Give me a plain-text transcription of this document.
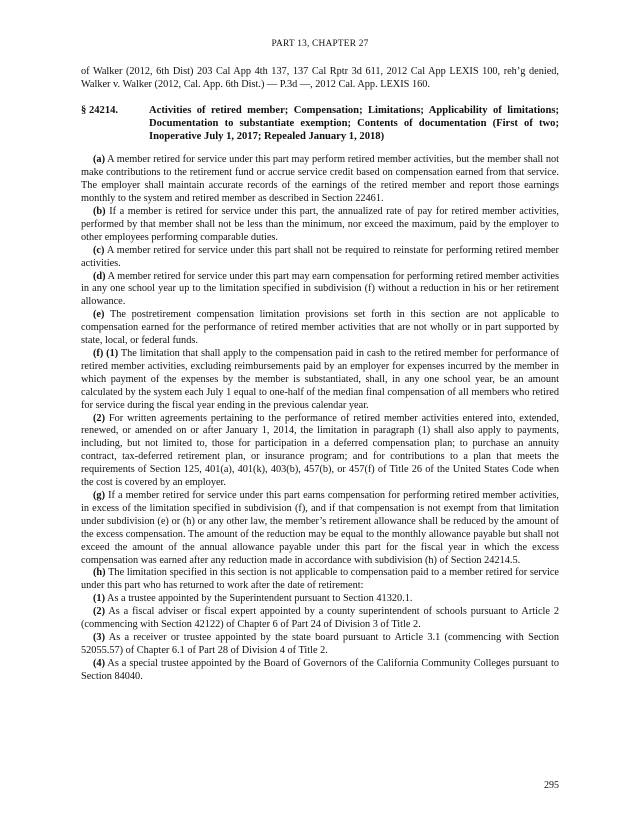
PART 13, CHAPTER 27

of Walker (2012, 6th Dist) 203 Cal App 4th 137, 137 Cal Rptr 3d 611, 2012 Cal App LEXIS 100, reh’g denied, Walker v. Walker (2012, Cal. App. 6th Dist.) — P.3d —, 2012 Cal. App. LEXIS 160.

§ 24214.	Activities of retired member; Compensation; Limitations; Applicability of limitations; Documentation to substantiate exemption; Contents of documentation (First of two; Inoperative July 1, 2017; Repealed January 1, 2018)

(a) A member retired for service under this part may perform retired member activities, but the member shall not make contributions to the retirement fund or accrue service credit based on compensation earned from that service. The employer shall maintain accurate records of the earnings of the retired member and report those earnings monthly to the system and retired member as described in Section 22461.

(b) If a member is retired for service under this part, the annualized rate of pay for retired member activities, performed by that member shall not be less than the minimum, nor exceed the maximum, paid by the employer to other employees performing comparable duties.

(c) A member retired for service under this part shall not be required to reinstate for performing retired member activities.

(d) A member retired for service under this part may earn compensation for performing retired member activities in any one school year up to the limitation specified in subdivision (f) without a reduction in his or her retirement allowance.

(e) The postretirement compensation limitation provisions set forth in this section are not applicable to compensation earned for the performance of retired member activities that are not wholly or in part supported by state, local, or federal funds.

(f) (1) The limitation that shall apply to the compensation paid in cash to the retired member for performance of retired member activities, excluding reimbursements paid by an employer for expenses incurred by the member in which payment of the expenses by the member is substantiated, shall, in any one school year, be an amount calculated by the system each July 1 equal to one-half of the median final compensation of all members who retired for service during the fiscal year ending in the previous calendar year.

(2) For written agreements pertaining to the performance of retired member activities entered into, extended, renewed, or amended on or after January 1, 2014, the limitation in paragraph (1) shall also apply to payments, including, but not limited to, those for participation in a deferred compensation plan; to purchase an annuity contract, tax-deferred retirement plan, or insurance program; and for contributions to a plan that meets the requirements of Section 125, 401(a), 401(k), 403(b), 457(b), or 457(f) of Title 26 of the United States Code when the cost is covered by an employer.

(g) If a member retired for service under this part earns compensation for performing retired member activities, in excess of the limitation specified in subdivision (f), and if that compensation is not exempt from that limitation under subdivision (e) or (h) or any other law, the member’s retirement allowance shall be reduced by the amount of the excess compensation. The amount of the reduction may be equal to the monthly allowance payable but shall not exceed the amount of the annual allowance payable under this part for the fiscal year in which the excess compensation was earned after any reduction made in accordance with subdivision (h) of Section 24214.5.

(h) The limitation specified in this section is not applicable to compensation paid to a member retired for service under this part who has returned to work after the date of retirement:

(1) As a trustee appointed by the Superintendent pursuant to Section 41320.1.

(2) As a fiscal adviser or fiscal expert appointed by a county superintendent of schools pursuant to Article 2 (commencing with Section 42122) of Chapter 6 of Part 24 of Division 3 of Title 2.

(3) As a receiver or trustee appointed by the state board pursuant to Article 3.1 (commencing with Section 52055.57) of Chapter 6.1 of Part 28 of Division 4 of Title 2.

(4) As a special trustee appointed by the Board of Governors of the California Community Colleges pursuant to Section 84040.

295
